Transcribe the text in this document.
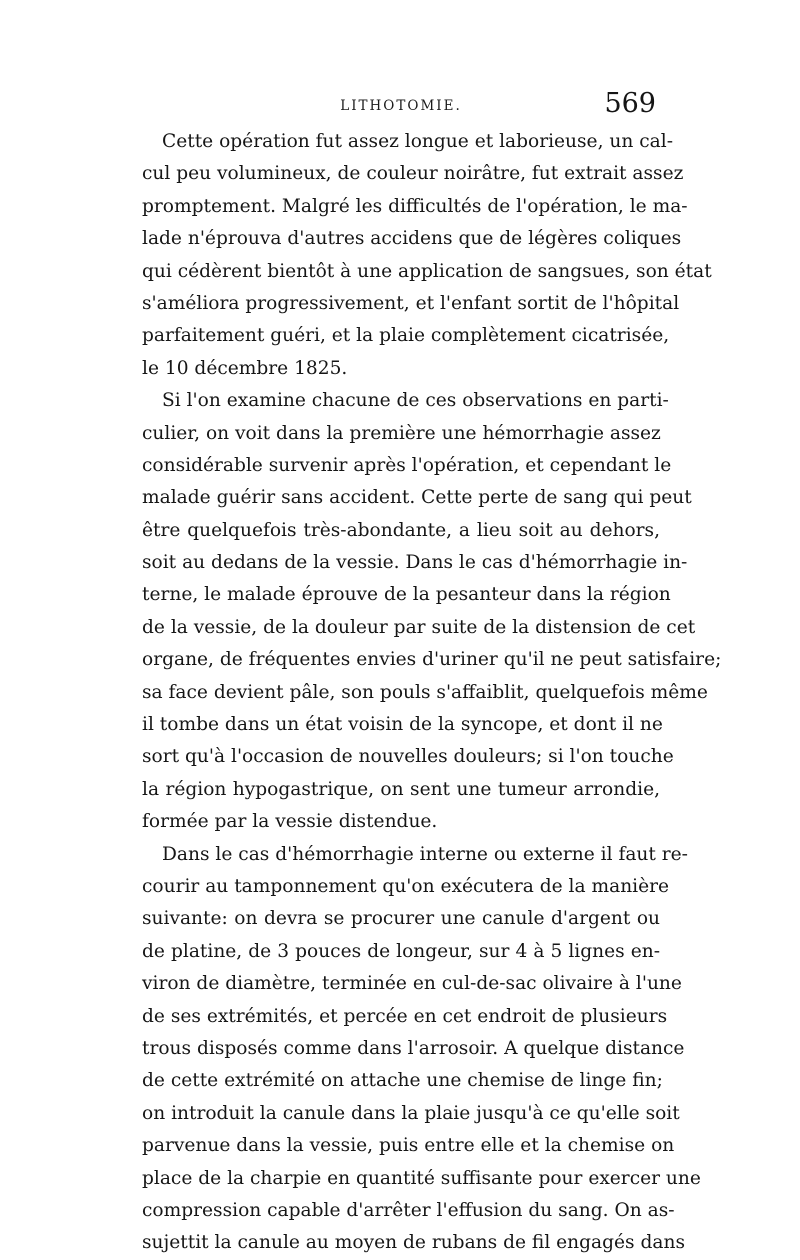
LITHOTOMIE.	569
Cette opération fut assez longue et laborieuse, un cal-
cul peu volumineux, de couleur noirâtre, fut extrait assez
promptement. Malgré les difficultés de l'opération, le ma-
lade n'éprouva d'autres accidens que de légères coliques
qui cédèrent bientôt à une application de sangsues, son état
s'améliora progressivement, et l'enfant sortit de l'hôpital
parfaitement guéri, et la plaie complètement cicatrisée,
le 10 décembre 1825.
Si l'on examine chacune de ces observations en parti-
culier, on voit dans la première une hémorrhagie assez
considérable survenir après l'opération, et cependant le
malade guérir sans accident. Cette perte de sang qui peut
être quelquefois très-abondante, a lieu soit au dehors,
soit au dedans de la vessie. Dans le cas d'hémorrhagie in-
terne, le malade éprouve de la pesanteur dans la région
de la vessie, de la douleur par suite de la distension de cet
organe, de fréquentes envies d'uriner qu'il ne peut satisfaire;
sa face devient pâle, son pouls s'affaiblit, quelquefois même
il tombe dans un état voisin de la syncope, et dont il ne
sort qu'à l'occasion de nouvelles douleurs; si l'on touche
la région hypogastrique, on sent une tumeur arrondie,
formée par la vessie distendue.
Dans le cas d'hémorrhagie interne ou externe il faut re-
courir au tamponnement qu'on exécutera de la manière
suivante: on devra se procurer une canule d'argent ou
de platine, de 3 pouces de longeur, sur 4 à 5 lignes en-
viron de diamètre, terminée en cul-de-sac olivaire à l'une
de ses extrémités, et percée en cet endroit de plusieurs
trous disposés comme dans l'arrosoir. A quelque distance
de cette extrémité on attache une chemise de linge fin;
on introduit la canule dans la plaie jusqu'à ce qu'elle soit
parvenue dans la vessie, puis entre elle et la chemise on
place de la charpie en quantité suffisante pour exercer une
compression capable d'arrêter l'effusion du sang. On as-
sujettit la canule au moyen de rubans de fil engagés dans
